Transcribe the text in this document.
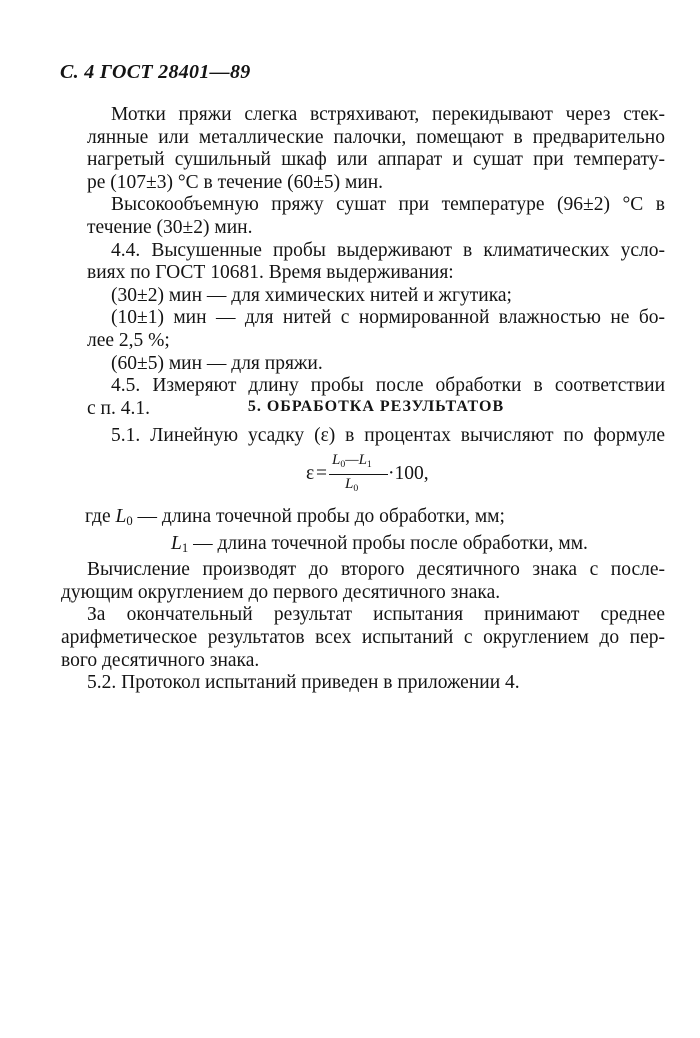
С. 4 ГОСТ 28401—89
Мотки пряжи слегка встряхивают, перекидывают через стек-
лянные или металлические палочки, помещают в предварительно
нагретый сушильный шкаф или аппарат и сушат при температу-
ре (107±3) °С в течение (60±5) мин.
Высокообъемную пряжу сушат при температуре (96±2) °С в
течение (30±2) мин.
4.4. Высушенные пробы выдерживают в климатических усло-
виях по ГОСТ 10681. Время выдерживания:
(30±2) мин — для химических нитей и жгутика;
(10±1) мин — для нитей с нормированной влажностью не бо-
лее 2,5 %;
(60±5) мин — для пряжи.
4.5. Измеряют длину пробы после обработки в соответствии
с п. 4.1.	5. ОБРАБОТКА РЕЗУЛЬТАТОВ
5.1. Линейную усадку (ε) в процентах вычисляют по формуле
ε =
$L_0—L_1$
$L_0$
·100,
где $L_0$ — длина точечной пробы до обработки, мм;
$L_1$ — длина точечной пробы после обработки, мм.
Вычисление производят до второго десятичного знака с после-
дующим округлением до первого десятичного знака.
За окончательный результат испытания принимают среднее
арифметическое результатов всех испытаний с округлением до пер-
вого десятичного знака.
5.2. Протокол испытаний приведен в приложении 4.
